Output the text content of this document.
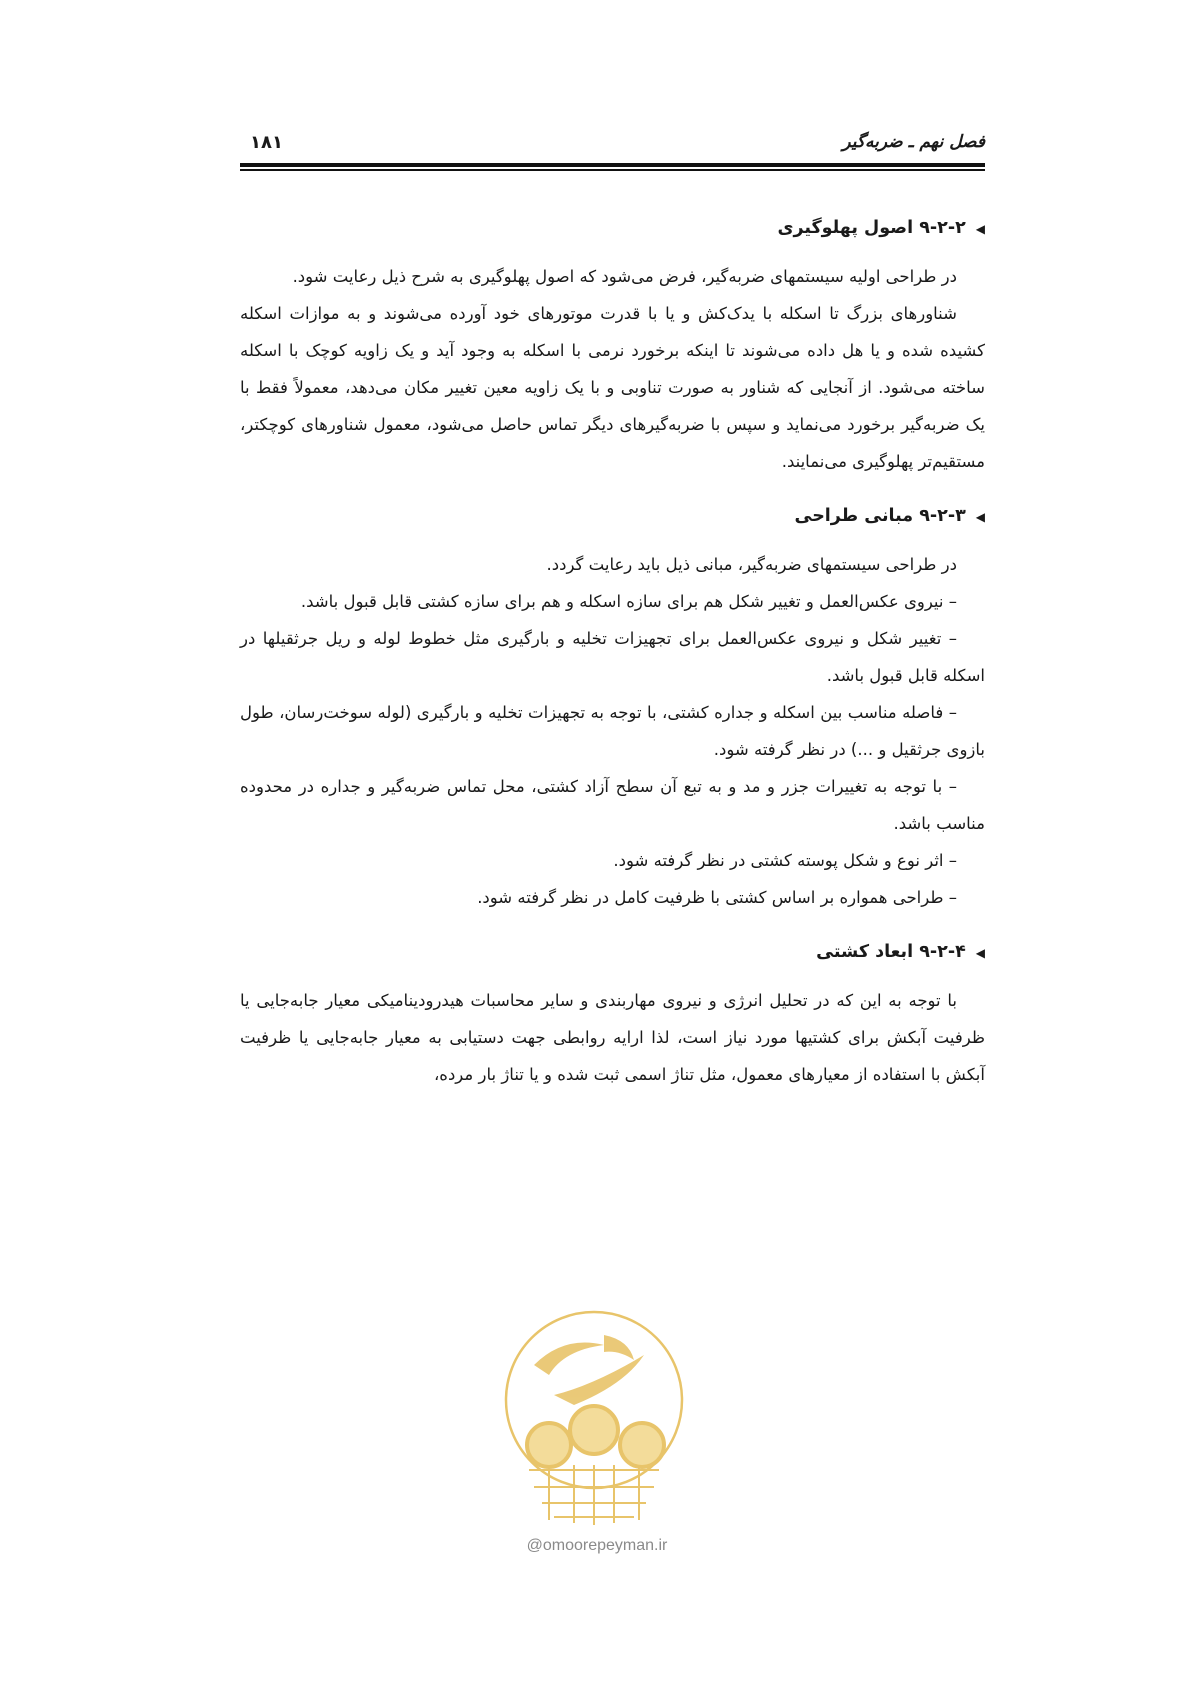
فصل نهم ـ ضربه‌گیر
۱۸۱
◀۹-۲-۲ اصول پهلوگیری

در طراحی اولیه سیستمهای ضربه‌گیر، فرض می‌شود که اصول پهلوگیری به شرح ذیل رعایت شود.

شناورهای بزرگ تا اسکله با یدک‌کش و یا با قدرت موتورهای خود آورده می‌شوند و به موازات اسکله کشیده شده و یا هل داده می‌شوند تا اینکه برخورد نرمی با اسکله به وجود آید و یک زاویه کوچک با اسکله ساخته می‌شود. از آنجایی که شناور به صورت تناوبی و با یک زاویه معین تغییر مکان می‌دهد، معمولاً فقط با یک ضربه‌گیر برخورد می‌نماید و سپس با ضربه‌گیرهای دیگر تماس حاصل می‌شود، معمول شناورهای کوچکتر، مستقیم‌تر پهلوگیری می‌نمایند.

◀۹-۲-۳ مبانی طراحی

در طراحی سیستمهای ضربه‌گیر، مبانی ذیل باید رعایت گردد.

– نیروی عکس‌العمل و تغییر شکل هم برای سازه اسکله و هم برای سازه کشتی قابل قبول باشد.

– تغییر شکل و نیروی عکس‌العمل برای تجهیزات تخلیه و بارگیری مثل خطوط لوله و ریل جرثقیلها در اسکله قابل قبول باشد.

– فاصله مناسب بین اسکله و جداره کشتی، با توجه به تجهیزات تخلیه و بارگیری (لوله سوخت‌رسان، طول بازوی جرثقیل و ...) در نظر گرفته شود.

– با توجه به تغییرات جزر و مد و به تبع آن سطح آزاد کشتی، محل تماس ضربه‌گیر و جداره در محدوده مناسب باشد.

– اثر نوع و شکل پوسته کشتی در نظر گرفته شود.

– طراحی همواره بر اساس کشتی با ظرفیت کامل در نظر گرفته شود.

◀۹-۲-۴ ابعاد کشتی

با توجه به این که در تحلیل انرژی و نیروی مهاربندی و سایر محاسبات هیدرودینامیکی معیار جابه‌جایی یا ظرفیت آبکش برای کشتیها مورد نیاز است، لذا ارایه روابطی جهت دستیابی به معیار جابه‌جایی یا ظرفیت آبکش با استفاده از معیارهای معمول، مثل تناژ اسمی ثبت شده و یا تناژ بار مرده،

@omoorepeyman.ir
